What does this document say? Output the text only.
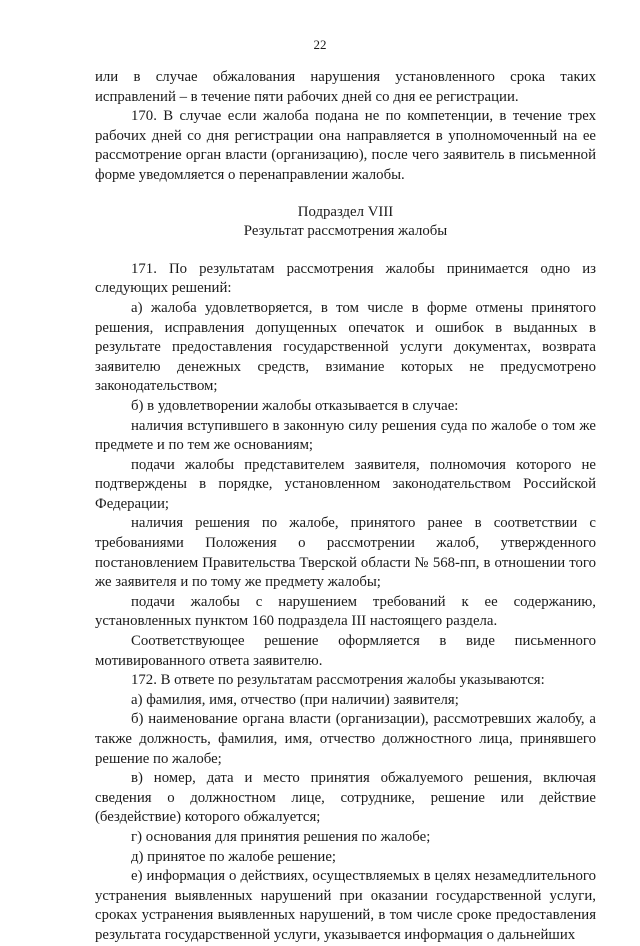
22

или в случае обжалования нарушения установленного срока таких исправлений – в течение пяти рабочих дней со дня ее регистрации.

170. В случае если жалоба подана не по компетенции, в течение трех рабочих дней со дня регистрации она направляется в уполномоченный на ее рассмотрение орган власти (организацию), после чего заявитель в письменной форме уведомляется о перенаправлении жалобы.

Подраздел VIII

Результат рассмотрения жалобы

171. По результатам рассмотрения жалобы принимается одно из следующих решений:

а) жалоба удовлетворяется, в том числе в форме отмены принятого решения, исправления допущенных опечаток и ошибок в выданных в результате предоставления государственной услуги документах, возврата заявителю денежных средств, взимание которых не предусмотрено законодательством;

б) в удовлетворении жалобы отказывается в случае:

наличия вступившего в законную силу решения суда по жалобе о том же предмете и по тем же основаниям;

подачи жалобы представителем заявителя, полномочия которого не подтверждены в порядке, установленном законодательством Российской Федерации;

наличия решения по жалобе, принятого ранее в соответствии с требованиями Положения о рассмотрении жалоб, утвержденного постановлением Правительства Тверской области № 568-пп, в отношении того же заявителя и по тому же предмету жалобы;

подачи жалобы с нарушением требований к ее содержанию, установленных пунктом 160 подраздела III настоящего раздела.

Соответствующее решение оформляется в виде письменного мотивированного ответа заявителю.

172. В ответе по результатам рассмотрения жалобы указываются:

а) фамилия, имя, отчество (при наличии) заявителя;

б) наименование органа власти (организации), рассмотревших жалобу, а также должность, фамилия, имя, отчество должностного лица, принявшего решение по жалобе;

в) номер, дата и место принятия обжалуемого решения, включая сведения о должностном лице, сотруднике, решение или действие (бездействие) которого обжалуется;

г) основания для принятия решения по жалобе;

д) принятое по жалобе решение;

е) информация о действиях, осуществляемых в целях незамедлительного устранения выявленных нарушений при оказании государственной услуги, сроках устранения выявленных нарушений, в том числе сроке предоставления результата государственной услуги, указывается информация о дальнейших
